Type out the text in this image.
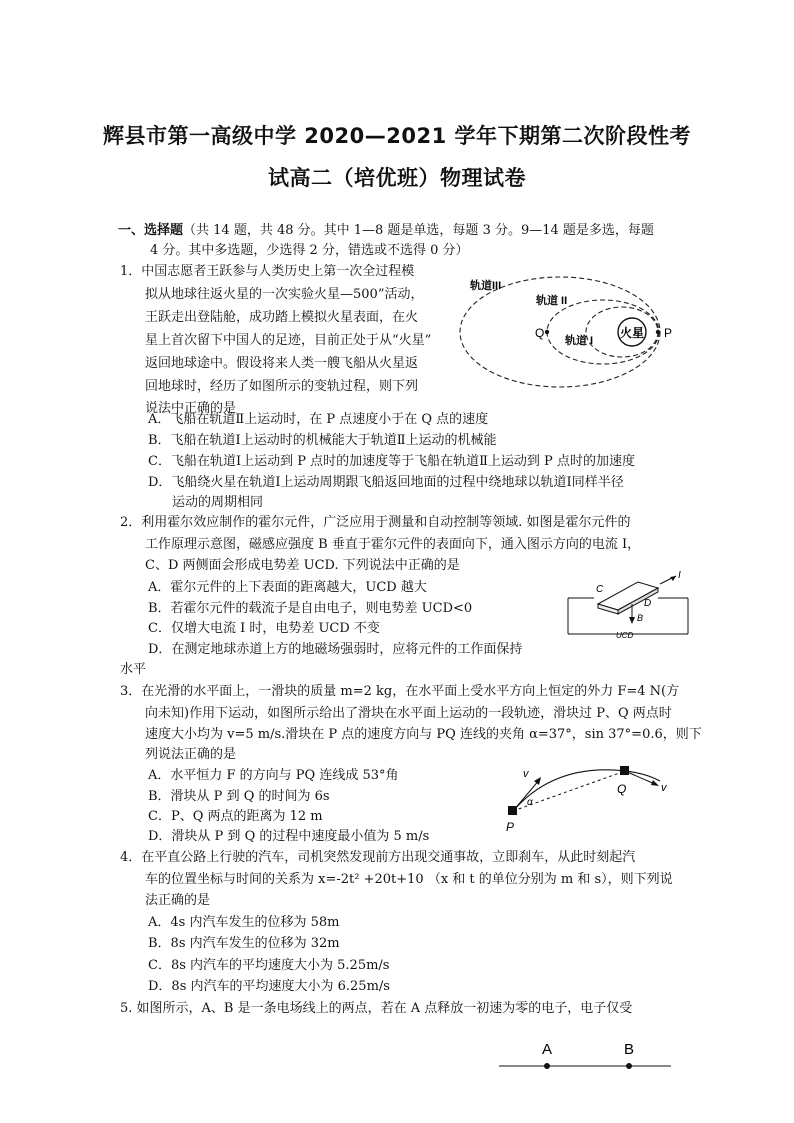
辉县市第一高级中学 2020—2021 学年下期第二次阶段性考
试高二（培优班）物理试卷
一、选择题（共 14 题，共 48 分。其中 1—8 题是单选，每题 3 分。9—14 题是多选，每题
4 分。其中多选题，少选得 2 分，错选或不选得 0 分）
1．中国志愿者王跃参与人类历史上第一次全过程模
拟从地球往返火星的一次实验火星—500”活动，
王跃走出登陆舱，成功踏上模拟火星表面，在火
星上首次留下中国人的足迹，目前正处于从“火星”
返回地球途中。假设将来人类一艘飞船从火星返
回地球时，经历了如图所示的变轨过程，则下列
说法中正确的是
A．飞船在轨道Ⅱ上运动时，在 P 点速度小于在 Q 点的速度
B．飞船在轨道Ⅰ上运动时的机械能大于轨道Ⅱ上运动的机械能
C．飞船在轨道Ⅰ上运动到 P 点时的加速度等于飞船在轨道Ⅱ上运动到 P 点时的加速度
D．飞船绕火星在轨道Ⅰ上运动周期跟飞船返回地面的过程中绕地球以轨道Ⅰ同样半径
运动的周期相同
火星
Q	P
轨道III
轨道 II
轨道 I
2．利用霍尔效应制作的霍尔元件，广泛应用于测量和自动控制等领域. 如图是霍尔元件的
工作原理示意图，磁感应强度 B 垂直于霍尔元件的表面向下，通入图示方向的电流 I，
C、D 两侧面会形成电势差 UCD. 下列说法中正确的是
A．霍尔元件的上下表面的距离越大，UCD 越大
B．若霍尔元件的载流子是自由电子，则电势差 UCD<0
C．仅增大电流 I 时，电势差 UCD 不变
D．在测定地球赤道上方的地磁场强弱时，应将元件的工作面保持
水平
C
D
I
B
UCD
3．在光滑的水平面上，一滑块的质量 m=2 kg，在水平面上受水平方向上恒定的外力 F=4 N(方
向未知)作用下运动，如图所示给出了滑块在水平面上运动的一段轨迹，滑块过 P、Q 两点时
速度大小均为 v=5 m/s.滑块在 P 点的速度方向与 PQ 连线的夹角 α=37°，sin 37°=0.6，则下
列说法正确的是
A．水平恒力 F 的方向与 PQ 连线成 53°角
B．滑块从 P 到 Q 的时间为 6s
C．P、Q 两点的距离为 12 m
D．滑块从 P 到 Q 的过程中速度最小值为 5 m/s
v
v
α
P
Q
4．在平直公路上行驶的汽车，司机突然发现前方出现交通事故，立即刹车，从此时刻起汽
车的位置坐标与时间的关系为 x=-2t² +20t+10 （x 和 t 的单位分别为 m 和 s），则下列说
法正确的是
A．4s 内汽车发生的位移为 58m
B．8s 内汽车发生的位移为 32m
C．8s 内汽车的平均速度大小为 5.25m/s
D．8s 内汽车的平均速度大小为 6.25m/s
5. 如图所示，A、B 是一条电场线上的两点，若在 A 点释放一初速为零的电子，电子仅受
A	B
